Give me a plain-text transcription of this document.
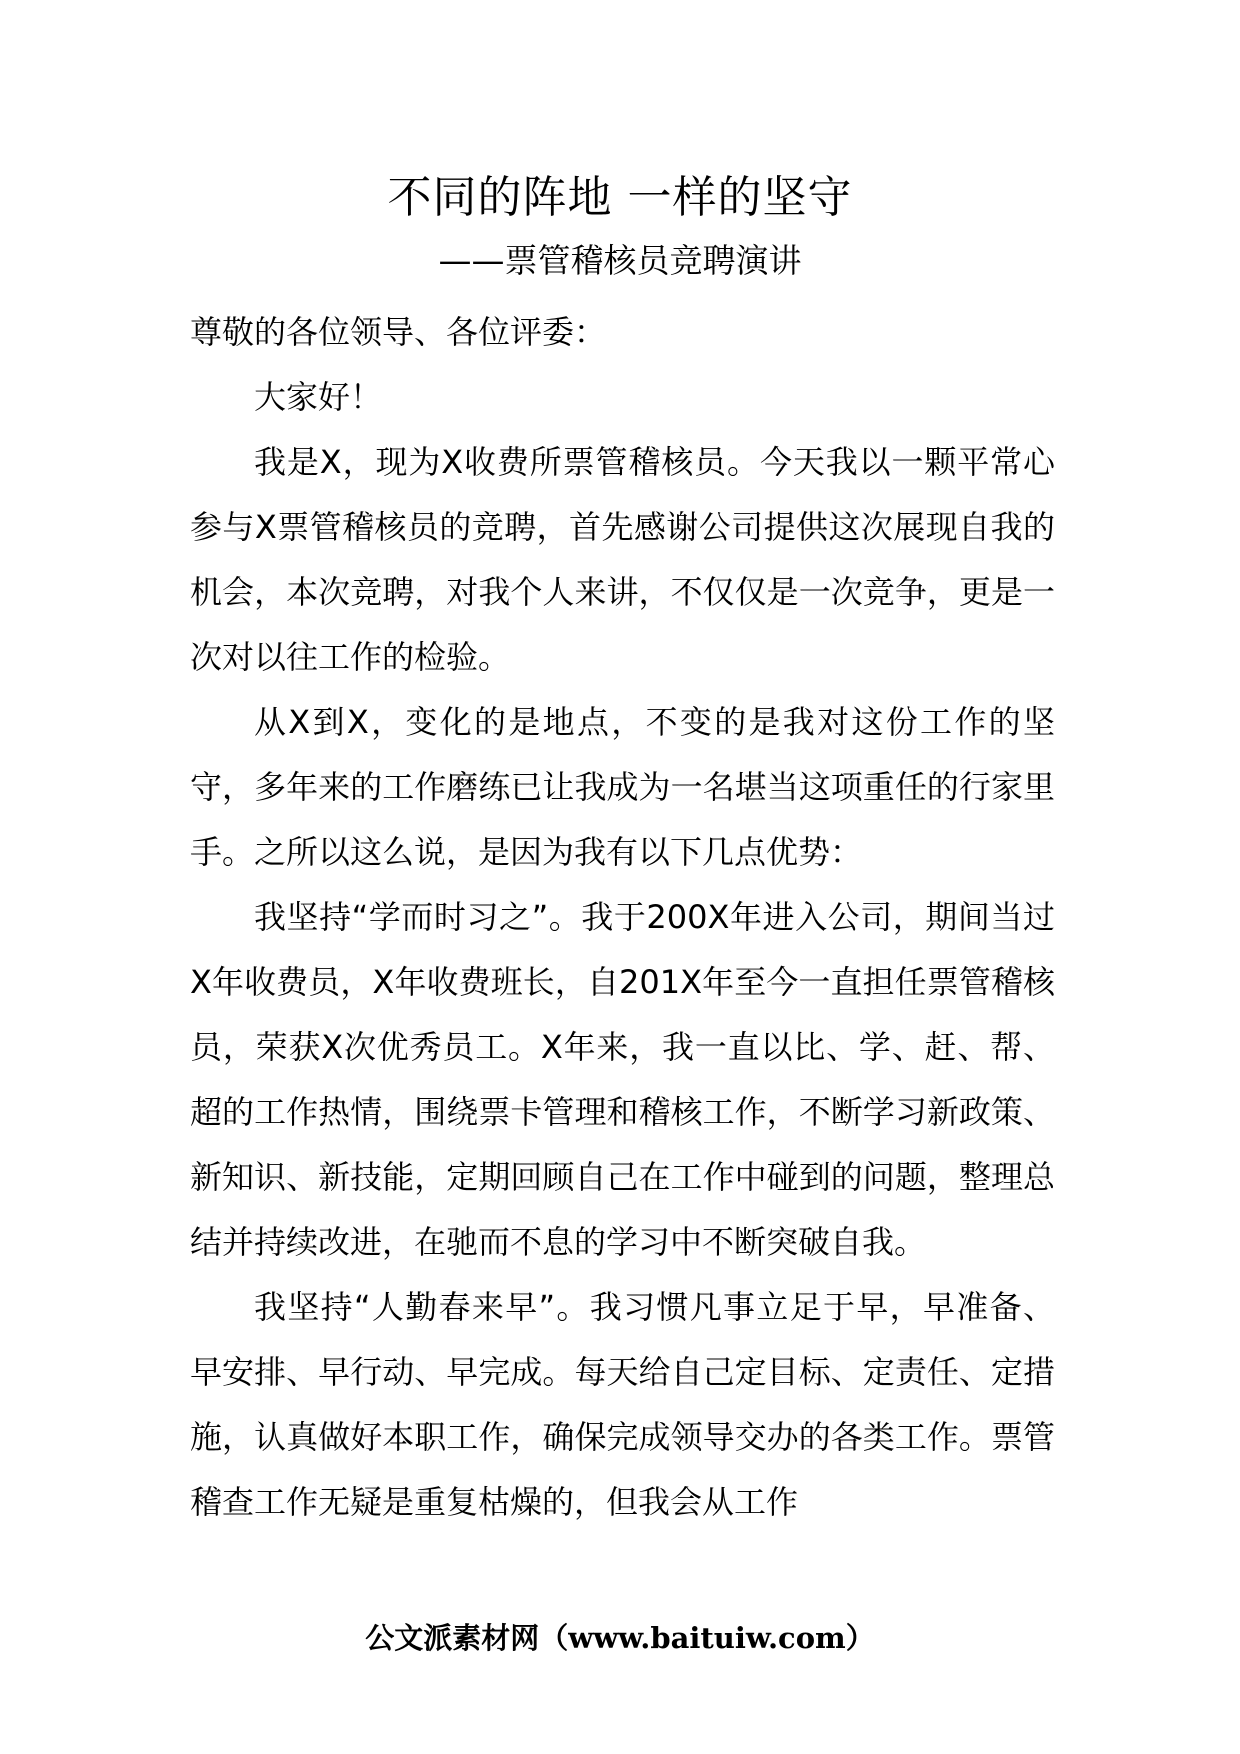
不同的阵地 一样的坚守
——票管稽核员竞聘演讲

尊敬的各位领导、各位评委：

大家好！

我是X，现为X收费所票管稽核员。今天我以一颗平常心参与X票管稽核员的竞聘，首先感谢公司提供这次展现自我的机会，本次竞聘，对我个人来讲，不仅仅是一次竞争，更是一次对以往工作的检验。

从X到X，变化的是地点，不变的是我对这份工作的坚守，多年来的工作磨练已让我成为一名堪当这项重任的行家里手。之所以这么说，是因为我有以下几点优势：

我坚持“学而时习之”。我于200X年进入公司，期间当过X年收费员，X年收费班长，自201X年至今一直担任票管稽核员，荣获X次优秀员工。X年来，我一直以比、学、赶、帮、超的工作热情，围绕票卡管理和稽核工作，不断学习新政策、新知识、新技能，定期回顾自己在工作中碰到的问题，整理总结并持续改进，在驰而不息的学习中不断突破自我。

我坚持“人勤春来早”。我习惯凡事立足于早，早准备、早安排、早行动、早完成。每天给自己定目标、定责任、定措施，认真做好本职工作，确保完成领导交办的各类工作。票管稽查工作无疑是重复枯燥的，但我会从工作

公文派素材网（www.baituiw.com）
